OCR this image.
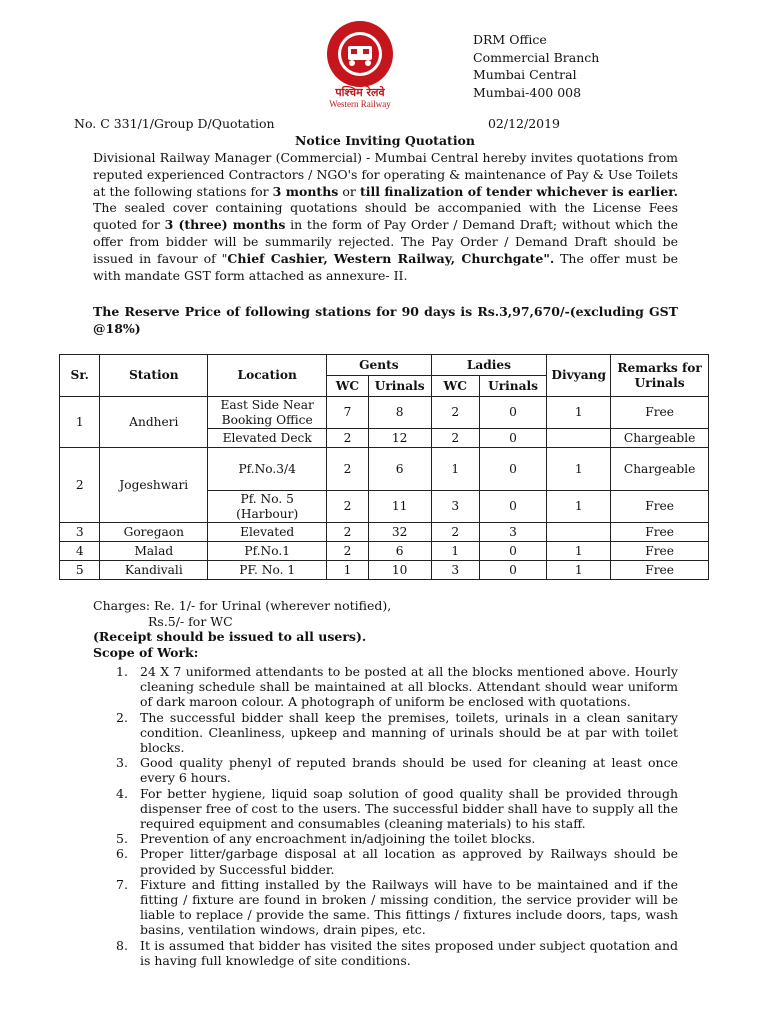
पश्चिम रेलवे
Western Railway
DRM Office
Commercial Branch
Mumbai Central
Mumbai-400 008
No. C 331/1/Group D/Quotation	02/12/2019
Notice Inviting Quotation
Divisional Railway Manager (Commercial) - Mumbai Central hereby invites quotations from reputed experienced Contractors / NGO's for operating & maintenance of Pay & Use Toilets at the following stations for 3 months or till finalization of tender whichever is earlier. The sealed cover containing quotations should be accompanied with the License Fees quoted for 3 (three) months in the form of Pay Order / Demand Draft; without which the offer from bidder will be summarily rejected. The Pay Order / Demand Draft should be issued in favour of "Chief Cashier, Western Railway, Churchgate". The offer must be with mandate GST form attached as annexure- II.
The Reserve Price of following stations for 90 days is Rs.3,97,670/-(excluding GST @18%)
Sr.	Station	Location	Gents		Ladies		Divyang	Remarks for Urinals
			WC	Urinals	WC	Urinals		
1	Andheri	East Side Near Booking Office	7	8	2	0	1	Free
		Elevated Deck	2	12	2	0		Chargeable
2	Jogeshwari	Pf.No.3/4	2	6	1	0	1	Chargeable
		Pf. No. 5 (Harbour)	2	11	3	0	1	Free
3	Goregaon	Elevated	2	32	2	3		Free
4	Malad	Pf.No.1	2	6	1	0	1	Free
5	Kandivali	PF. No. 1	1	10	3	0	1	Free
Charges: Re. 1/- for Urinal (wherever notified),
Rs.5/- for WC
(Receipt should be issued to all users).
Scope of Work:
1. 24 X 7 uniformed attendants to be posted at all the blocks mentioned above. Hourly cleaning schedule shall be maintained at all blocks. Attendant should wear uniform of dark maroon colour. A photograph of uniform be enclosed with quotations.
2. The successful bidder shall keep the premises, toilets, urinals in a clean sanitary condition. Cleanliness, upkeep and manning of urinals should be at par with toilet blocks.
3. Good quality phenyl of reputed brands should be used for cleaning at least once every 6 hours.
4. For better hygiene, liquid soap solution of good quality shall be provided through dispenser free of cost to the users. The successful bidder shall have to supply all the required equipment and consumables (cleaning materials) to his staff.
5. Prevention of any encroachment in/adjoining the toilet blocks.
6. Proper litter/garbage disposal at all location as approved by Railways should be provided by Successful bidder.
7. Fixture and fitting installed by the Railways will have to be maintained and if the fitting / fixture are found in broken / missing condition, the service provider will be liable to replace / provide the same. This fittings / fixtures include doors, taps, wash basins, ventilation windows, drain pipes, etc.
8. It is assumed that bidder has visited the sites proposed under subject quotation and is having full knowledge of site conditions.
